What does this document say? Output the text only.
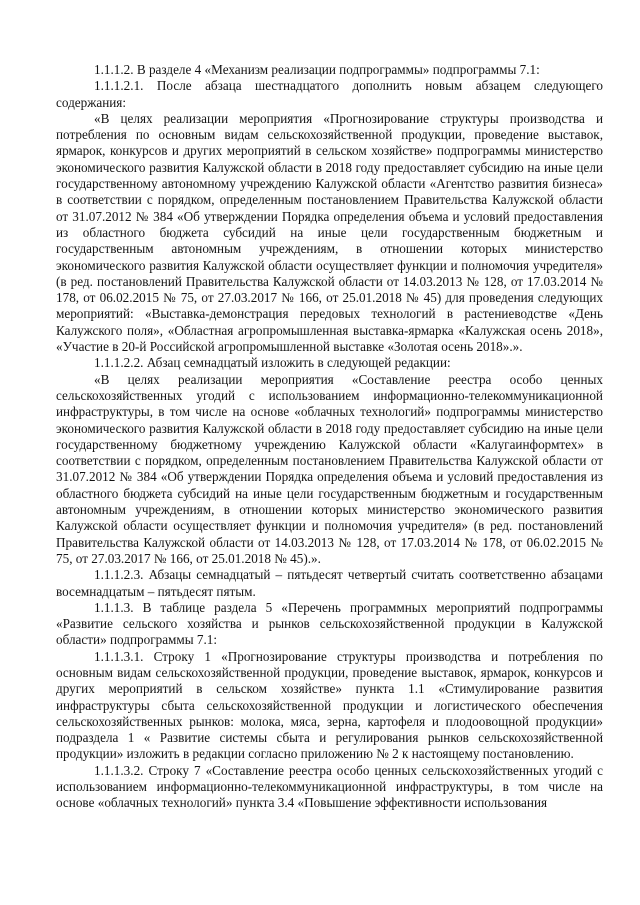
1.1.1.2. В разделе 4 «Механизм реализации подпрограммы» подпрограммы 7.1:

1.1.1.2.1. После абзаца шестнадцатого дополнить новым абзацем следующего содержания:

«В целях реализации мероприятия «Прогнозирование структуры производства и потребления по основным видам сельскохозяйственной продукции, проведение выставок, ярмарок, конкурсов и других мероприятий в сельском хозяйстве» подпрограммы министерство экономического развития Калужской области в 2018 году предоставляет субсидию на иные цели государственному автономному учреждению Калужской области «Агентство развития бизнеса» в соответствии с порядком, определенным постановлением Правительства Калужской области от 31.07.2012 № 384 «Об утверждении Порядка определения объема и условий предоставления из областного бюджета субсидий на иные цели государственным бюджетным и государственным автономным учреждениям, в отношении которых министерство экономического развития Калужской области осуществляет функции и полномочия учредителя» (в ред. постановлений Правительства Калужской области от 14.03.2013 № 128, от 17.03.2014 № 178, от 06.02.2015 № 75, от 27.03.2017 № 166, от 25.01.2018 № 45) для проведения следующих мероприятий: «Выставка-демонстрация передовых технологий в растениеводстве «День Калужского поля», «Областная агропромышленная выставка-ярмарка «Калужская осень 2018», «Участие в 20-й Российской агропромышленной выставке «Золотая осень 2018».».

1.1.1.2.2. Абзац семнадцатый изложить в следующей редакции:

«В целях реализации мероприятия «Составление реестра особо ценных сельскохозяйственных угодий с использованием информационно-телекоммуникационной инфраструктуры, в том числе на основе «облачных технологий» подпрограммы министерство экономического развития Калужской области в 2018 году предоставляет субсидию на иные цели государственному бюджетному учреждению Калужской области «Калугаинформтех» в соответствии с порядком, определенным постановлением Правительства Калужской области от 31.07.2012 № 384 «Об утверждении Порядка определения объема и условий предоставления из областного бюджета субсидий на иные цели государственным бюджетным и государственным автономным учреждениям, в отношении которых министерство экономического развития Калужской области осуществляет функции и полномочия учредителя» (в ред. постановлений Правительства Калужской области от 14.03.2013 № 128, от 17.03.2014 № 178, от 06.02.2015 № 75, от 27.03.2017 № 166, от 25.01.2018 № 45).».

1.1.1.2.3. Абзацы семнадцатый – пятьдесят четвертый считать соответственно абзацами восемнадцатым – пятьдесят пятым.

1.1.1.3. В таблице раздела 5 «Перечень программных мероприятий подпрограммы «Развитие сельского хозяйства и рынков сельскохозяйственной продукции в Калужской области» подпрограммы 7.1:

1.1.1.3.1. Строку 1 «Прогнозирование структуры производства и потребления по основным видам сельскохозяйственной продукции, проведение выставок, ярмарок, конкурсов и других мероприятий в сельском хозяйстве» пункта 1.1 «Стимулирование развития инфраструктуры сбыта сельскохозяйственной продукции и логистического обеспечения сельскохозяйственных рынков: молока, мяса, зерна, картофеля и плодоовощной продукции» подраздела 1 « Развитие системы сбыта и регулирования рынков сельскохозяйственной продукции» изложить в редакции согласно приложению № 2 к настоящему постановлению.

1.1.1.3.2. Строку 7 «Составление реестра особо ценных сельскохозяйственных угодий с использованием информационно-телекоммуникационной инфраструктуры, в том числе на основе «облачных технологий» пункта 3.4 «Повышение эффективности использования
